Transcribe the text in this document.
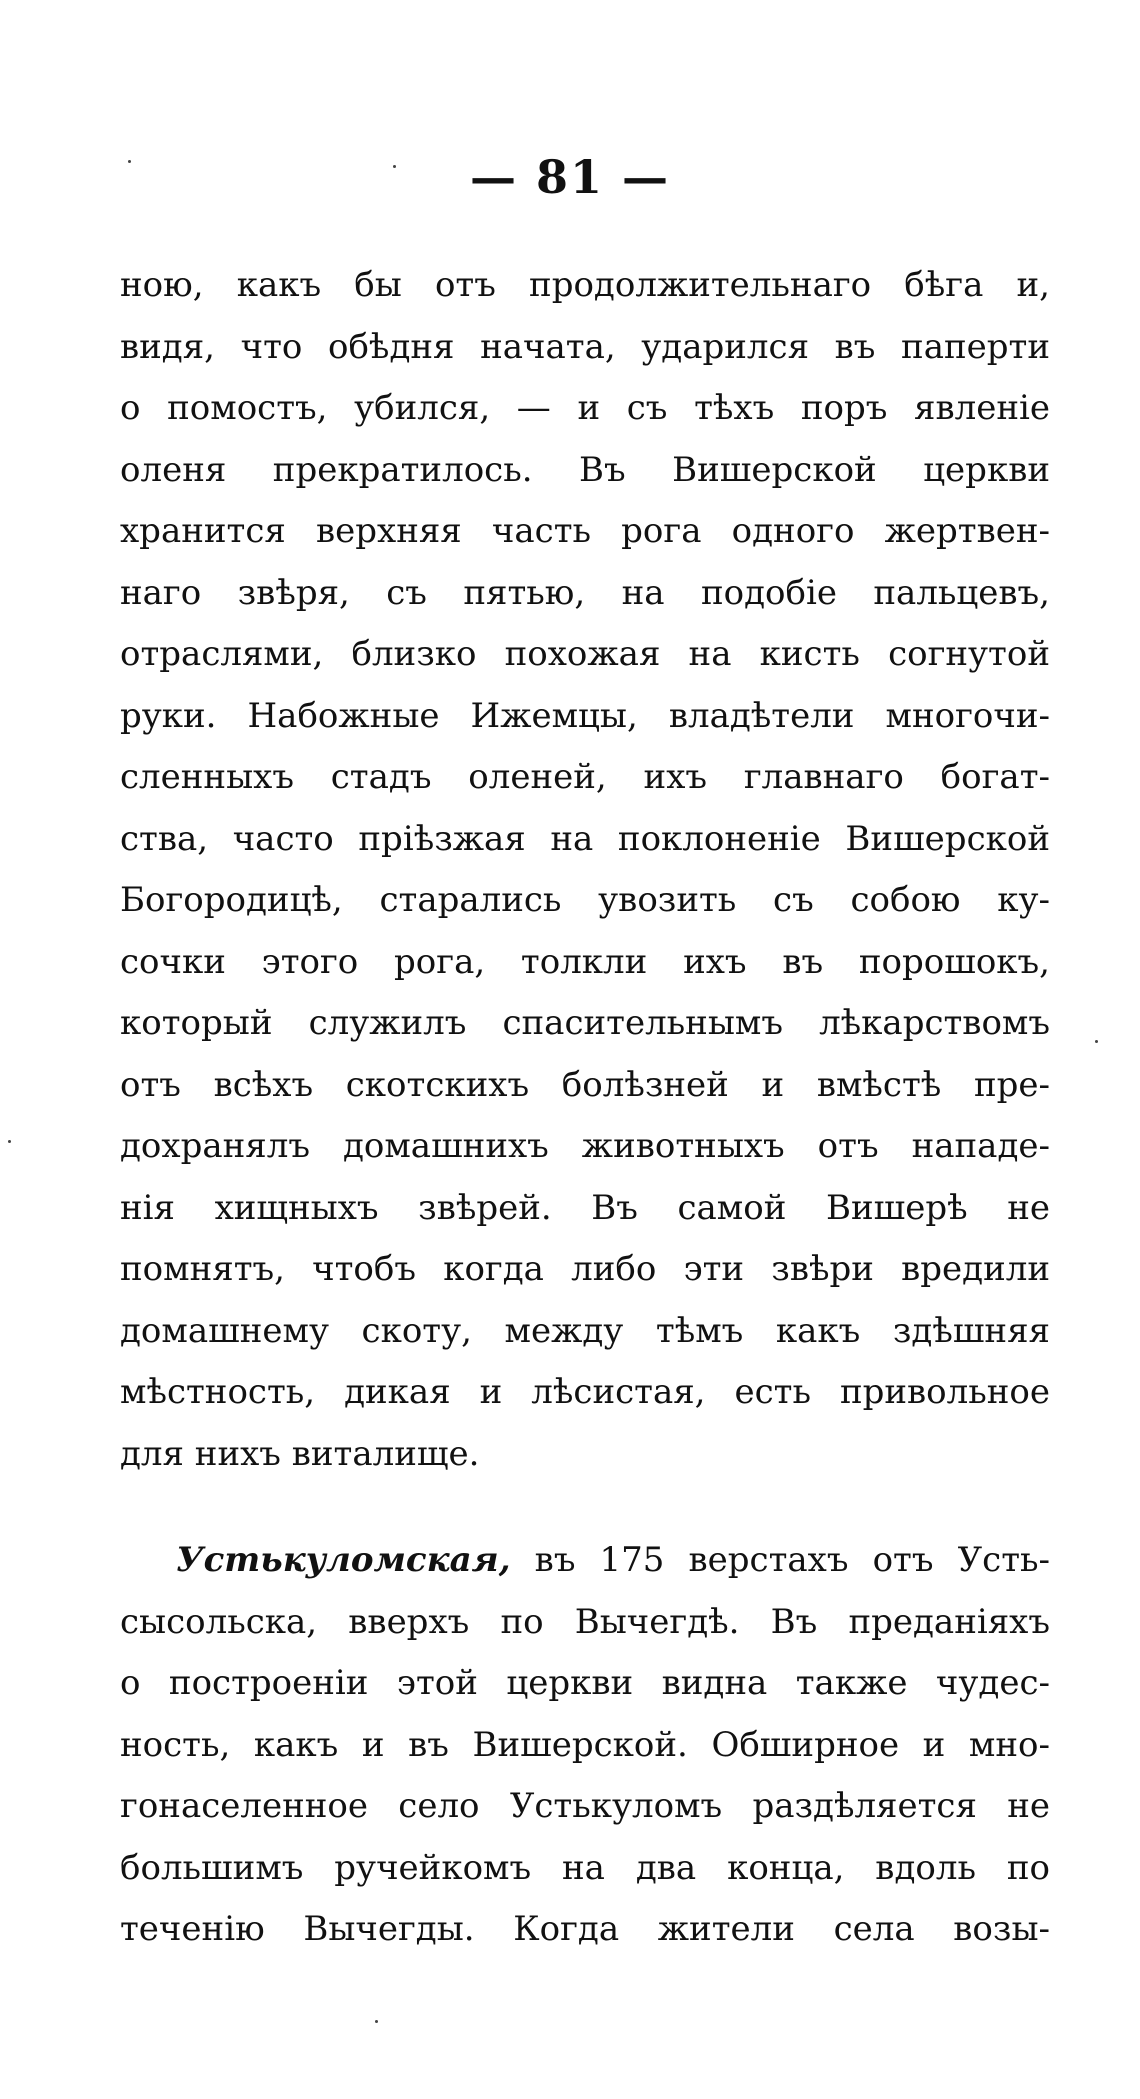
— 81 —
ною, какъ бы отъ продолжительнаго бѣга и,
видя, что обѣдня начата, ударился въ паперти
о помостъ, убился, — и съ тѣхъ поръ явленіе
оленя прекратилось. Въ Вишерской церкви
хранится верхняя часть рога одного жертвен-
наго звѣря, съ пятью, на подобіе пальцевъ,
отраслями, близко похожая на кисть согнутой
руки. Набожные Ижемцы, владѣтели многочи-
сленныхъ стадъ оленей, ихъ главнаго богат-
ства, часто пріѣзжая на поклоненіе Вишерской
Богородицѣ, старались увозить съ собою ку-
сочки этого рога, толкли ихъ въ порошокъ,
который служилъ спасительнымъ лѣкарствомъ
отъ всѣхъ скотскихъ болѣзней и вмѣстѣ пре-
дохранялъ домашнихъ животныхъ отъ нападе-
нія хищныхъ звѣрей. Въ самой Вишерѣ не
помнятъ, чтобъ когда либо эти звѣри вредили
домашнему скоту, между тѣмъ какъ здѣшняя
мѣстность, дикая и лѣсистая, есть привольное
для нихъ виталище.
Устькуломская, въ 175 верстахъ отъ Усть-
сысольска, вверхъ по Вычегдѣ. Въ преданіяхъ
о построеніи этой церкви видна также чудес-
ность, какъ и въ Вишерской. Обширное и мно-
гонаселенное село Устькуломъ раздѣляется не
большимъ ручейкомъ на два конца, вдоль по
теченію Вычегды. Когда жители села возы-
